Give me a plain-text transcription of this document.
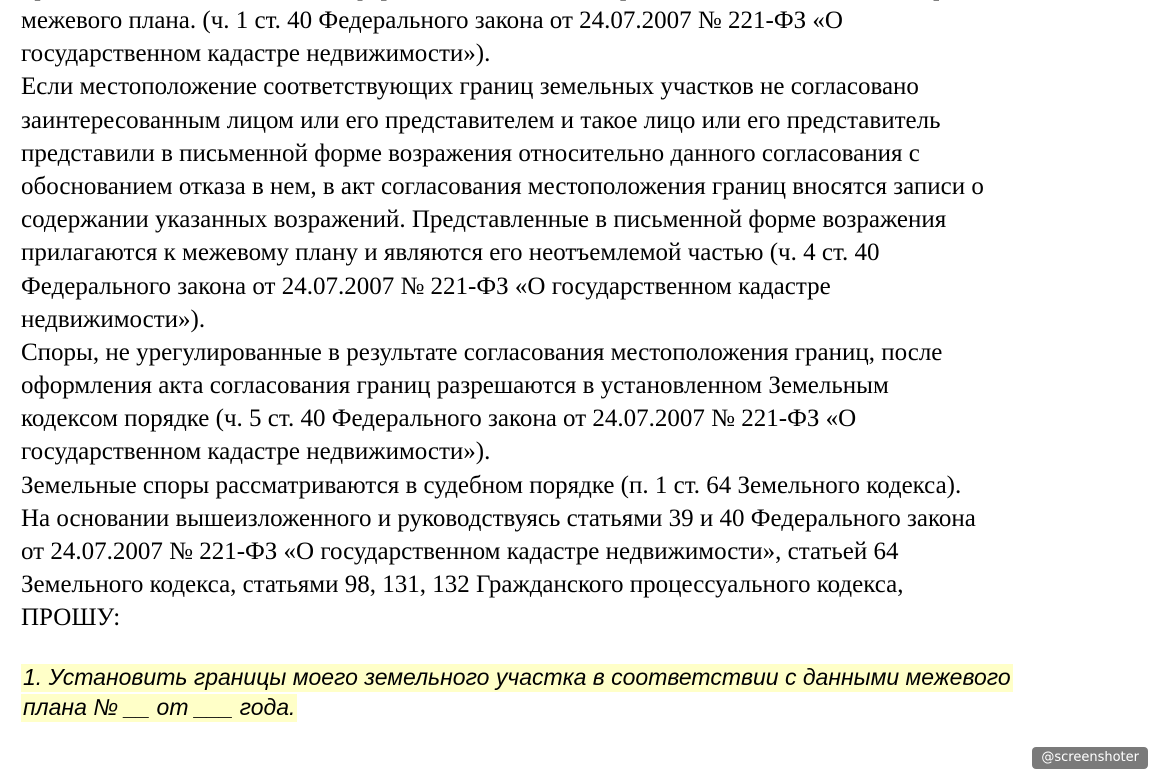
межевого плана. (ч. 1 ст. 40 Федерального закона от 24.07.2007 № 221-ФЗ «О
государственном кадастре недвижимости»).
Если местоположение соответствующих границ земельных участков не согласовано
заинтересованным лицом или его представителем и такое лицо или его представитель
представили в письменной форме возражения относительно данного согласования с
обоснованием отказа в нем, в акт согласования местоположения границ вносятся записи о
содержании указанных возражений. Представленные в письменной форме возражения
прилагаются к межевому плану и являются его неотъемлемой частью (ч. 4 ст. 40
Федерального закона от 24.07.2007 № 221-ФЗ «О государственном кадастре
недвижимости»).
Споры, не урегулированные в результате согласования местоположения границ, после
оформления акта согласования границ разрешаются в установленном Земельным
кодексом порядке (ч. 5 ст. 40 Федерального закона от 24.07.2007 № 221-ФЗ «О
государственном кадастре недвижимости»).
Земельные споры рассматриваются в судебном порядке (п. 1 ст. 64 Земельного кодекса).
На основании вышеизложенного и руководствуясь статьями 39 и 40 Федерального закона
от 24.07.2007 № 221-ФЗ «О государственном кадастре недвижимости», статьей 64
Земельного кодекса, статьями 98, 131, 132 Гражданского процессуального кодекса,
ПРОШУ:
1. Установить границы моего земельного участка в соответствии с данными межевого
плана № __ от ___ года.
@screenshoter
